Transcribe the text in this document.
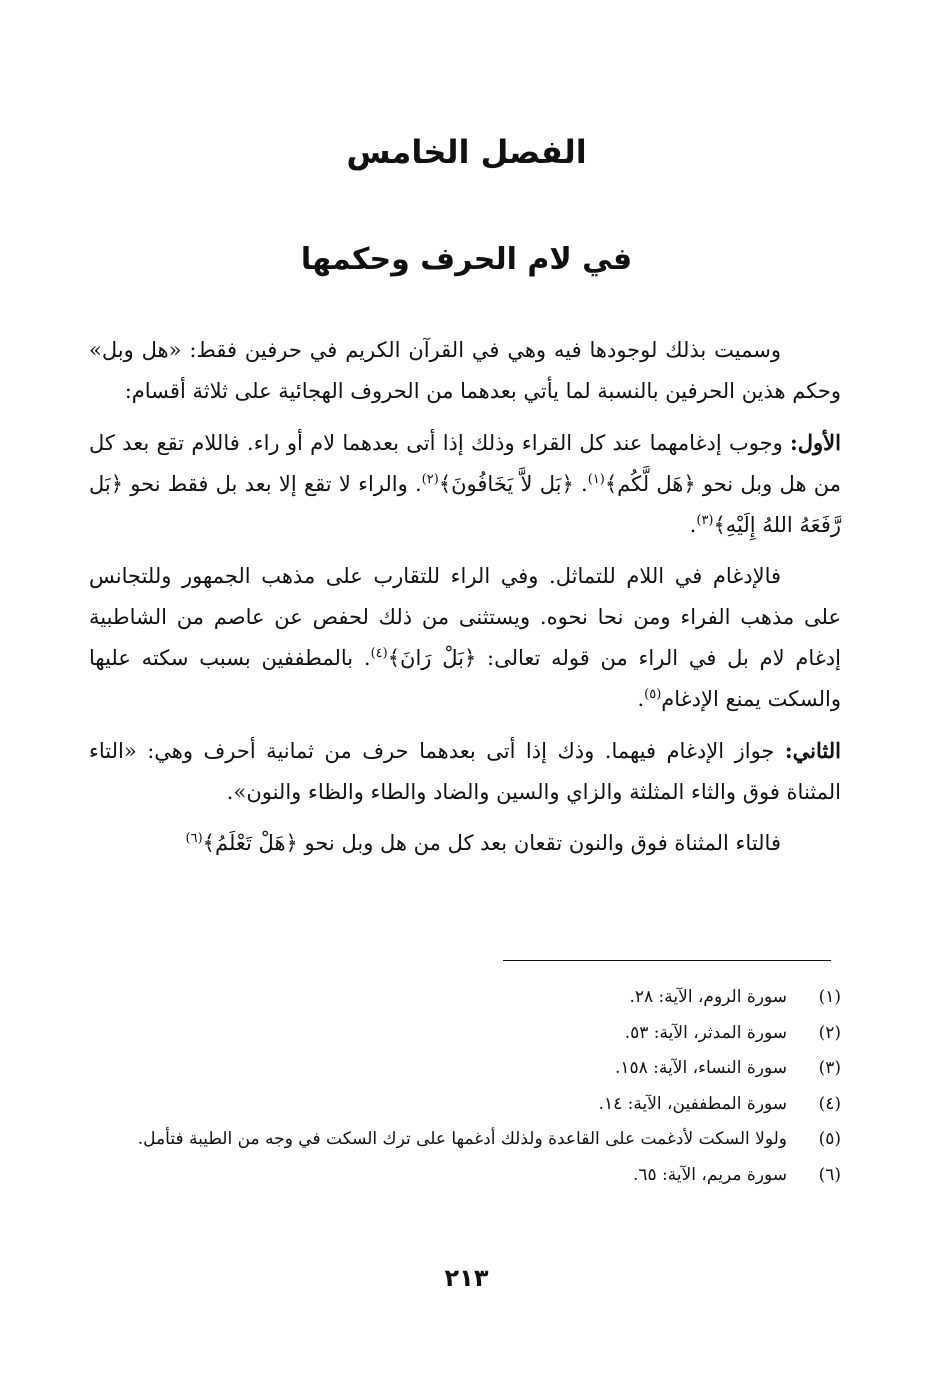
الفصل الخامس
في لام الحرف وحكمها

وسميت بذلك لوجودها فيه وهي في القرآن الكريم في حرفين فقط: «هل وبل» وحكم هذين الحرفين بالنسبة لما يأتي بعدهما من الحروف الهجائية على ثلاثة أقسام:

الأول: وجوب إدغامهما عند كل القراء وذلك إذا أتى بعدهما لام أو راء. فاللام تقع بعد كل من هل وبل نحو ﴿هَل لَّكُم﴾$^{(١)}$. ﴿بَل لاَّ يَخَافُونَ﴾$^{(٢)}$. والراء لا تقع إلا بعد بل فقط نحو ﴿بَل رَّفَعَهُ اللهُ إِلَيْهِ﴾$^{(٣)}$.

فالإدغام في اللام للتماثل. وفي الراء للتقارب على مذهب الجمهور وللتجانس على مذهب الفراء ومن نحا نحوه. ويستثنى من ذلك لحفص عن عاصم من الشاطبية إدغام لام بل في الراء من قوله تعالى: ﴿بَلْ رَانَ﴾$^{(٤)}$. بالمطففين بسبب سكته عليها والسكت يمنع الإدغام$^{(٥)}$.

الثاني: جواز الإدغام فيهما. وذك إذا أتى بعدهما حرف من ثمانية أحرف وهي: «التاء المثناة فوق والثاء المثلثة والزاي والسين والضاد والطاء والظاء والنون».

فالتاء المثناة فوق والنون تقعان بعد كل من هل وبل نحو ﴿هَلْ تَعْلَمُ﴾$^{(٦)}$

(١)
سورة الروم، الآية: ٢٨.
(٢)
سورة المدثر، الآية: ٥٣.
(٣)
سورة النساء، الآية: ١٥٨.
(٤)
سورة المطففين، الآية: ١٤.
(٥)
ولولا السكت لأدغمت على القاعدة ولذلك أدغمها على ترك السكت في وجه من الطيبة فتأمل.
(٦)
سورة مريم، الآية: ٦٥.
٢١٣
